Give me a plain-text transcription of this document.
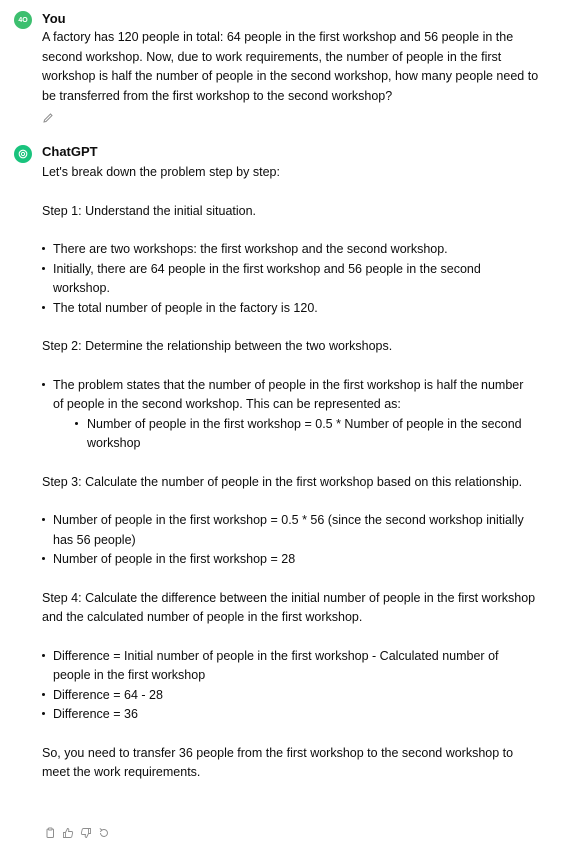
4O	You
A factory has 120 people in total: 64 people in the first workshop and 56 people in the second workshop. Now, due to work requirements, the number of people in the first workshop is half the number of people in the second workshop, how many people need to be transferred from the first workshop to the second workshop?
ChatGPT

Let's break down the problem step by step:

Step 1: Understand the initial situation.

There are two workshops: the first workshop and the second workshop.
Initially, there are 64 people in the first workshop and 56 people in the second workshop.
The total number of people in the factory is 120.

Step 2: Determine the relationship between the two workshops.

The problem states that the number of people in the first workshop is half the number of people in the second workshop. This can be represented as:
Number of people in the first workshop = 0.5 * Number of people in the second workshop

Step 3: Calculate the number of people in the first workshop based on this relationship.

Number of people in the first workshop = 0.5 * 56 (since the second workshop initially has 56 people)
Number of people in the first workshop = 28

Step 4: Calculate the difference between the initial number of people in the first workshop and the calculated number of people in the first workshop.

Difference = Initial number of people in the first workshop - Calculated number of people in the first workshop
Difference = 64 - 28
Difference = 36

So, you need to transfer 36 people from the first workshop to the second workshop to meet the work requirements.
